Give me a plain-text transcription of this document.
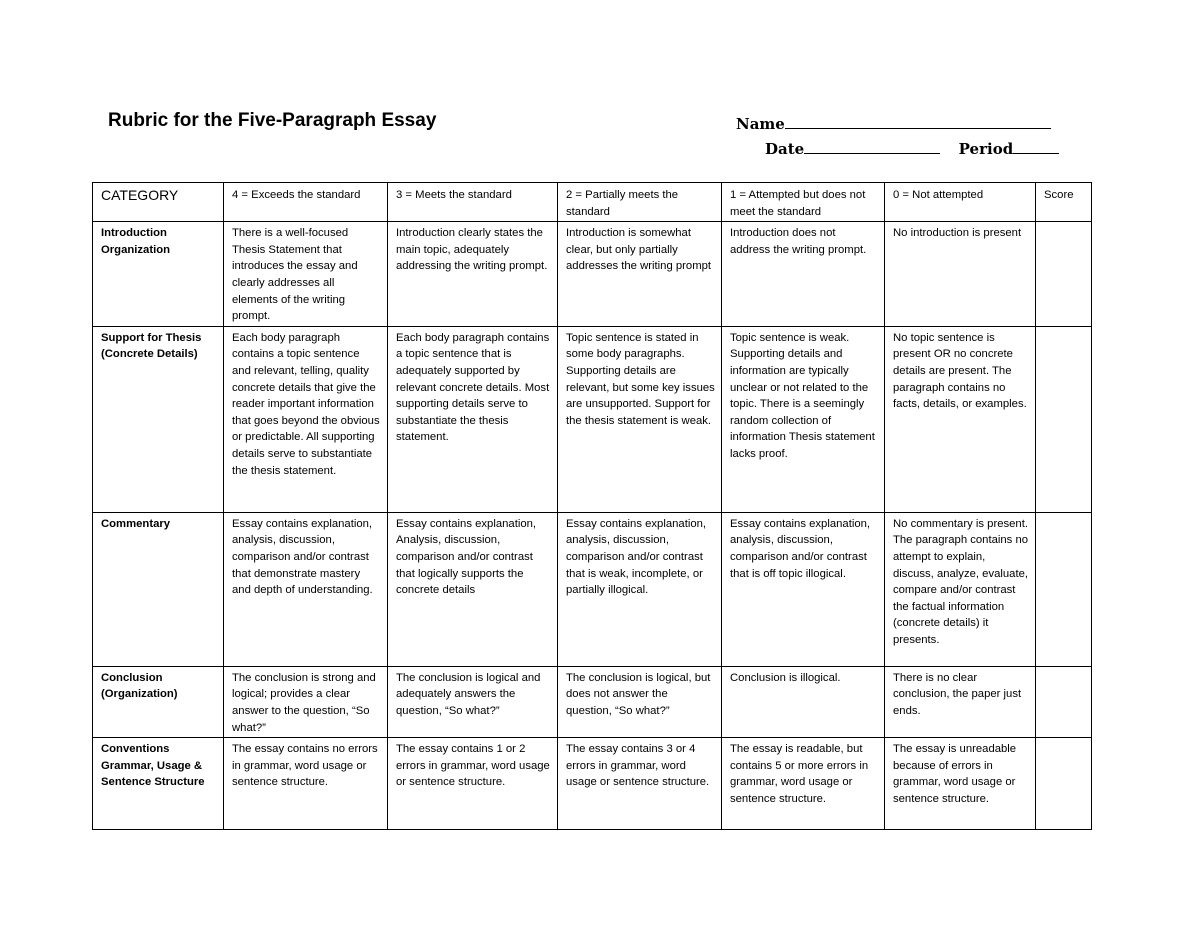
Rubric for the Five-Paragraph Essay	Name
Date	Period
CATEGORY	4 = Exceeds the standard	3 = Meets the standard	2 = Partially meets the standard	1 = Attempted but does not meet the standard	0 = Not attempted	Score
Introduction Organization	There is a well-focused Thesis Statement that introduces the essay and clearly addresses all elements of the writing prompt.	Introduction clearly states the main topic, adequately addressing the writing prompt.	Introduction is somewhat clear, but only partially addresses the writing prompt	Introduction does not address the writing prompt.	No introduction is present	
Support for Thesis (Concrete Details)	Each body paragraph contains a topic sentence and relevant, telling, quality concrete details that give the reader important information that goes beyond the obvious or predictable. All supporting details serve to substantiate the thesis statement.	Each body paragraph contains a topic sentence that is adequately supported by relevant concrete details. Most supporting details serve to substantiate the thesis statement.	Topic sentence is stated in some body paragraphs. Supporting details are relevant, but some key issues are unsupported. Support for the thesis statement is weak.	Topic sentence is weak. Supporting details and information are typically unclear or not related to the topic. There is a seemingly random collection of information Thesis statement lacks proof.	No topic sentence is present OR no concrete details are present. The paragraph contains no facts, details, or examples.	
Commentary	Essay contains explanation, analysis, discussion, comparison and/or contrast that demonstrate mastery and depth of understanding.	Essay contains explanation, Analysis, discussion, comparison and/or contrast that logically supports the concrete details	Essay contains explanation, analysis, discussion, comparison and/or contrast that is weak, incomplete, or partially illogical.	Essay contains explanation, analysis, discussion, comparison and/or contrast that is off topic illogical.	No commentary is present. The paragraph contains no attempt to explain, discuss, analyze, evaluate, compare and/or contrast the factual information (concrete details) it presents.	
Conclusion (Organization)	The conclusion is strong and logical; provides a clear answer to the question, “So what?”	The conclusion is logical and adequately answers the question, “So what?”	The conclusion is logical, but does not answer the question, “So what?”	Conclusion is illogical.	There is no clear conclusion, the paper just ends.	
Conventions Grammar, Usage & Sentence Structure	The essay contains no errors in grammar, word usage or sentence structure.	The essay contains 1 or 2 errors in grammar, word usage or sentence structure.	The essay contains 3 or 4 errors in grammar, word usage or sentence structure.	The essay is readable, but contains 5 or more errors in grammar, word usage or sentence structure.	The essay is unreadable because of errors in grammar, word usage or sentence structure.	
